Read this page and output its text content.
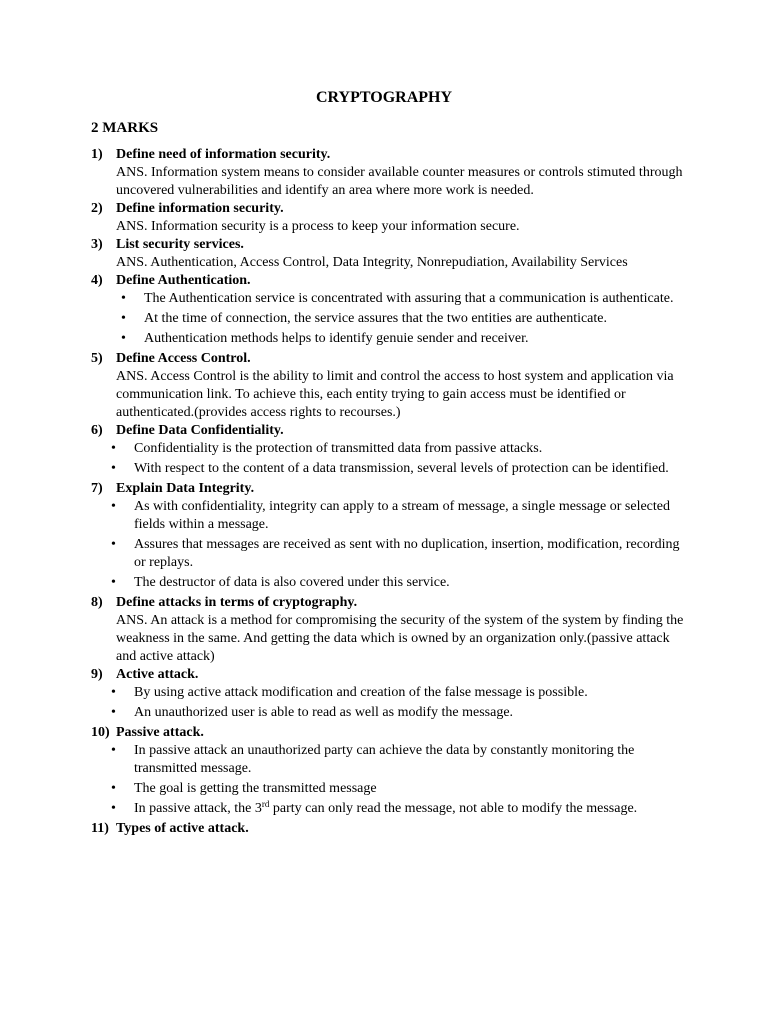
CRYPTOGRAPHY
2 MARKS
1) Define need of information security.

ANS. Information system means to consider available counter measures or controls stimuted through uncovered vulnerabilities and identify an area where more work is needed.

2) Define information security.

ANS. Information security is a process to keep your information secure.

3) List security services.

ANS. Authentication, Access Control, Data Integrity, Nonrepudiation, Availability Services

4) Define Authentication.
• The Authentication service is concentrated with assuring that a communication is authenticate.
• At the time of connection, the service assures that the two entities are authenticate.
• Authentication methods helps to identify genuie sender and receiver.
5) Define Access Control.

ANS. Access Control is the ability to limit and control the access to host system and application via communication link. To achieve this, each entity trying to gain access must be identified or authenticated.(provides access rights to recourses.)

6) Define Data Confidentiality.
• Confidentiality is the protection of transmitted data from passive attacks.
• With respect to the content of a data transmission, several levels of protection can be identified.
7) Explain Data Integrity.
• As with confidentiality, integrity can apply to a stream of message, a single message or selected fields within a message.
• Assures that messages are received as sent with no duplication, insertion, modification, recording or replays.
• The destructor of data is also covered under this service.
8) Define attacks in terms of cryptography.

ANS. An attack is a method for compromising the security of the system of the system by finding the weakness in the same. And getting the data which is owned by an organization only.(passive attack and active attack)

9) Active attack.
• By using active attack modification and creation of the false message is possible.
• An unauthorized user is able to read as well as modify the message.
10) Passive attack.
• In passive attack an unauthorized party can achieve the data by constantly monitoring the transmitted message.
• The goal is getting the transmitted message
• In passive attack, the 3rd party can only read the message, not able to modify the message.
11) Types of active attack.
